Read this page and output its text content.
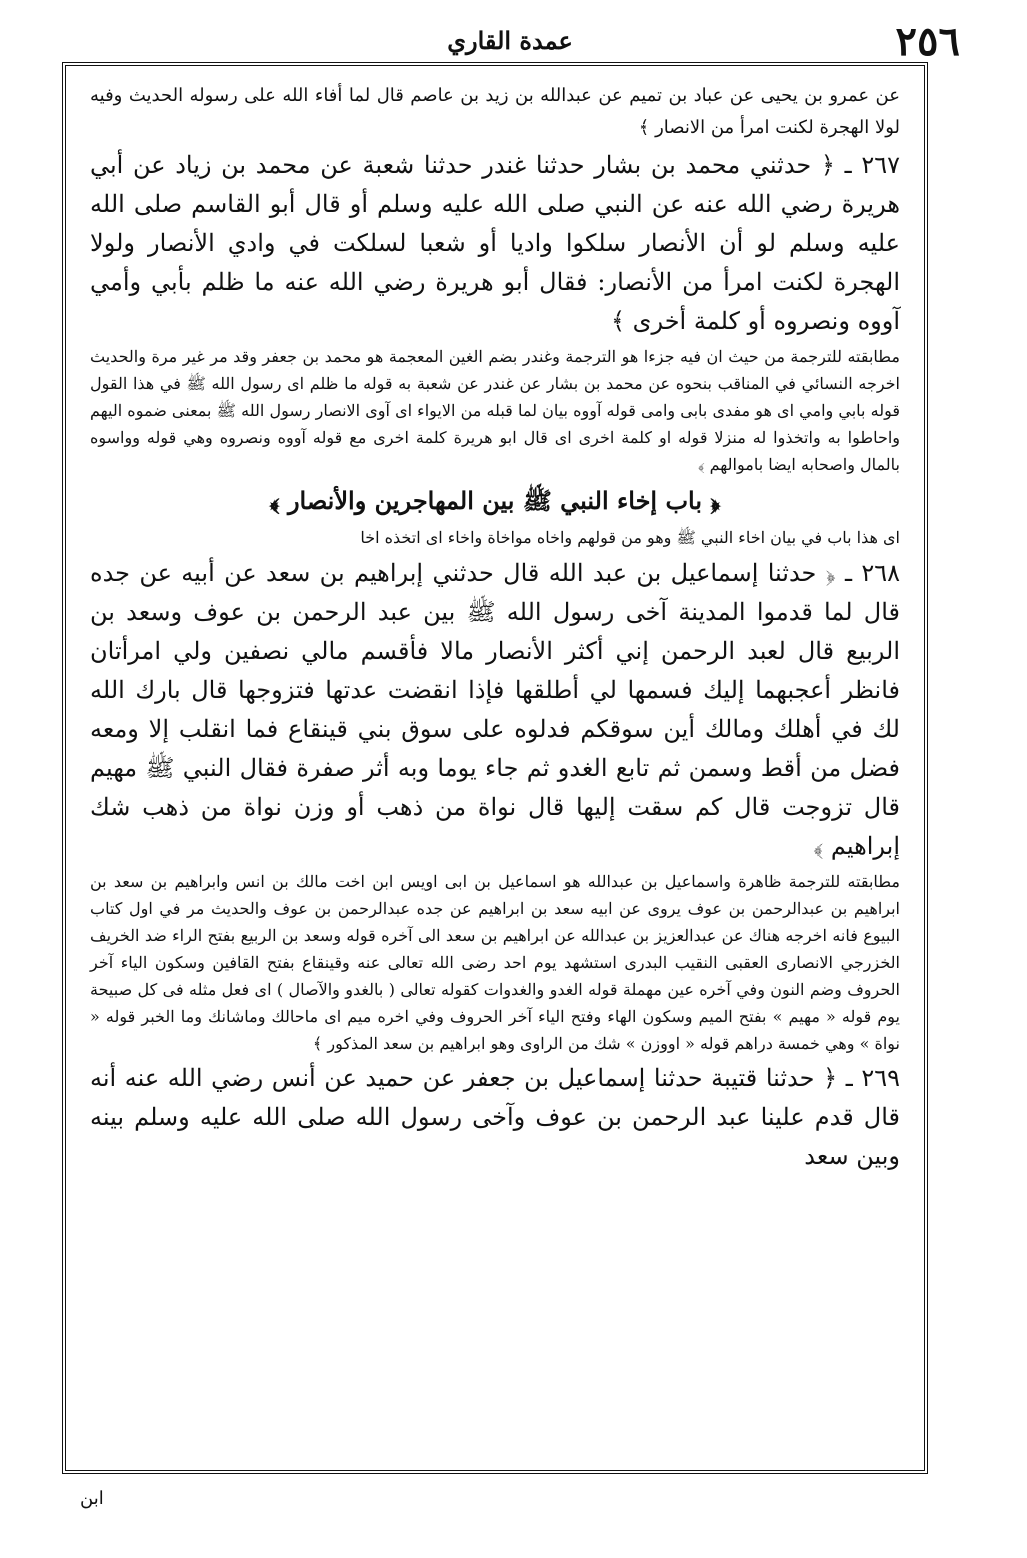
٢٥٦
عمدة القاري

عن عمرو بن يحيى عن عباد بن تميم عن عبدالله بن زيد بن عاصم قال لما أفاء الله على رسوله الحديث وفيه لولا الهجرة لكنت امرأ من الانصار ﴾

٢٦٧ ـ ﴿ حدثني محمد بن بشار حدثنا غندر حدثنا شعبة عن محمد بن زياد عن أبي هريرة رضي الله عنه عن النبي صلى الله عليه وسلم أو قال أبو القاسم صلى الله عليه وسلم لو أن الأنصار سلكوا واديا أو شعبا لسلكت في وادي الأنصار ولولا الهجرة لكنت امرأ من الأنصار: فقال أبو هريرة رضي الله عنه ما ظلم بأبي وأمي آووه ونصروه أو كلمة أخرى ﴾

مطابقته للترجمة من حيث ان فيه جزءا هو الترجمة وغندر بضم الغين المعجمة هو محمد بن جعفر وقد مر غير مرة والحديث اخرجه النسائي في المناقب بنحوه عن محمد بن بشار عن غندر عن شعبة به قوله ما ظلم اى رسول الله ﷺ في هذا القول قوله بابي وامي اى هو مفدى بابى وامى قوله آووه بيان لما قبله من الايواء اى آوى الانصار رسول الله ﷺ بمعنى ضموه اليهم واحاطوا به واتخذوا له منزلا قوله او كلمة اخرى اى قال ابو هريرة كلمة اخرى مع قوله آووه ونصروه وهي قوله وواسوه بالمال واصحابه ايضا باموالهم ﴾

﴿ باب إخاء النبي ﷺ بين المهاجرين والأنصار ﴾

اى هذا باب في بيان اخاء النبي ﷺ وهو من قولهم واخاه مواخاة واخاء اى اتخذه اخا

٢٦٨ ـ ﴿ حدثنا إسماعيل بن عبد الله قال حدثني إبراهيم بن سعد عن أبيه عن جده قال لما قدموا المدينة آخى رسول الله ﷺ بين عبد الرحمن بن عوف وسعد بن الربيع قال لعبد الرحمن إني أكثر الأنصار مالا فأقسم مالي نصفين ولي امرأتان فانظر أعجبهما إليك فسمها لي أطلقها فإذا انقضت عدتها فتزوجها قال بارك الله لك في أهلك ومالك أين سوقكم فدلوه على سوق بني قينقاع فما انقلب إلا ومعه فضل من أقط وسمن ثم تابع الغدو ثم جاء يوما وبه أثر صفرة فقال النبي ﷺ مهيم قال تزوجت قال كم سقت إليها قال نواة من ذهب أو وزن نواة من ذهب شك إبراهيم ﴾

مطابقته للترجمة ظاهرة واسماعيل بن عبدالله هو اسماعيل بن ابى اويس ابن اخت مالك بن انس وابراهيم بن سعد بن ابراهيم بن عبدالرحمن بن عوف يروى عن ابيه سعد بن ابراهيم عن جده عبدالرحمن بن عوف والحديث مر في اول كتاب البيوع فانه اخرجه هناك عن عبدالعزيز بن عبدالله عن ابراهيم بن سعد الى آخره قوله وسعد بن الربيع بفتح الراء ضد الخريف الخزرجي الانصارى العقبى النقيب البدرى استشهد يوم احد رضى الله تعالى عنه وقينقاع بفتح القافين وسكون الياء آخر الحروف وضم النون وفي آخره عين مهملة قوله الغدو والغدوات كقوله تعالى ( بالغدو والآصال ) اى فعل مثله فى كل صبيحة يوم قوله « مهيم » بفتح الميم وسكون الهاء وفتح الياء آخر الحروف وفي اخره ميم اى ماحالك وماشانك وما الخبر قوله « نواة » وهي خمسة دراهم قوله « اووزن » شك من الراوى وهو ابراهيم بن سعد المذكور ﴾

٢٦٩ ـ ﴿ حدثنا قتيبة حدثنا إسماعيل بن جعفر عن حميد عن أنس رضي الله عنه أنه قال قدم علينا عبد الرحمن بن عوف وآخى رسول الله صلى الله عليه وسلم بينه وبين سعد

ابن
